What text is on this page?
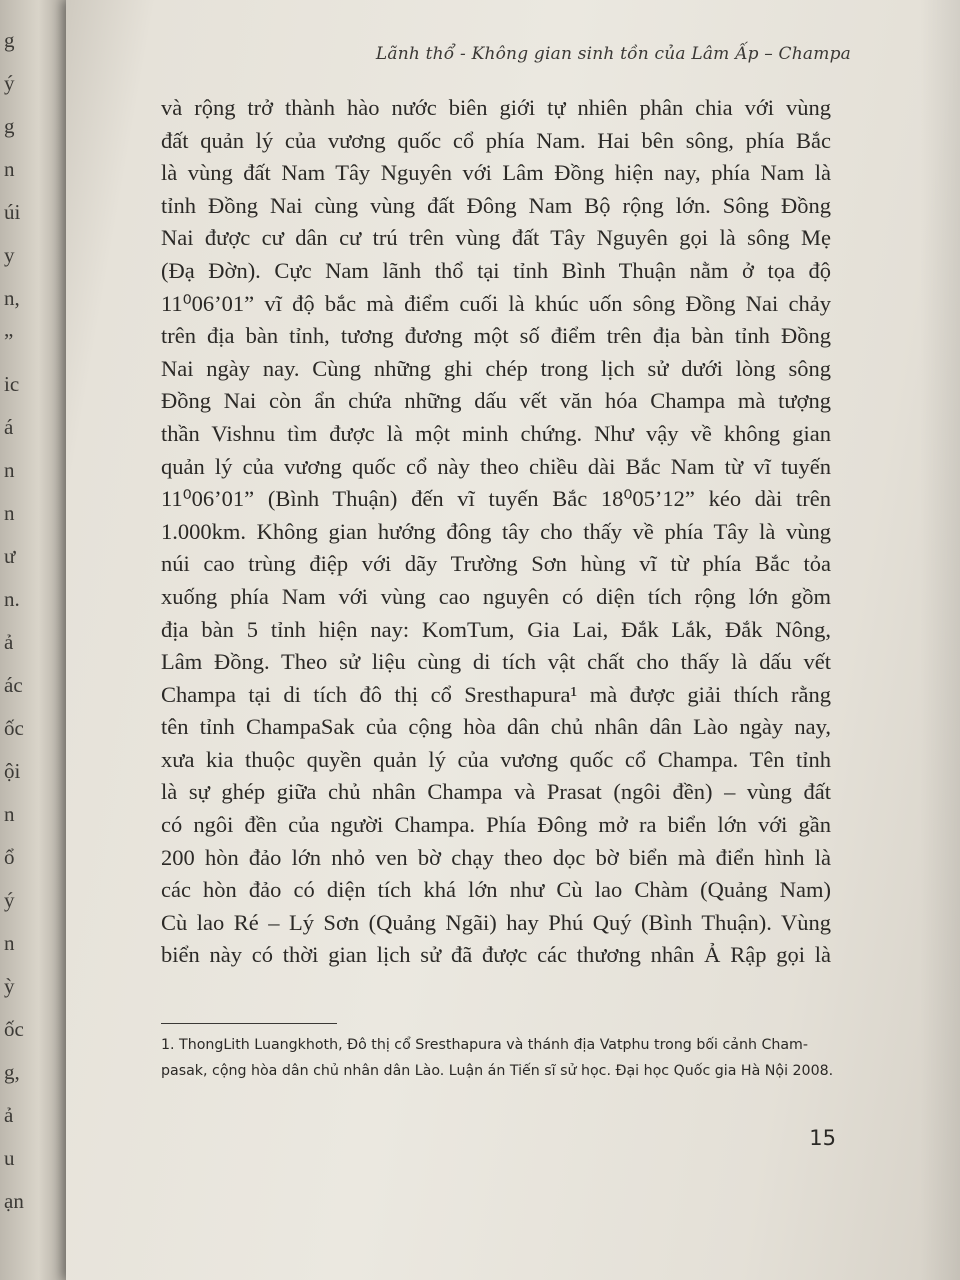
g
ý
g
n
úi
y
n,
”
ic
á
n
n
ư
n.
ả
ác
ốc
ội
n
ổ
ý
n
ỳ
ốc
g,
ả
u
ạn
Lãnh thổ - Không gian sinh tồn của Lâm Ấp – Champa
và rộng trở thành hào nước biên giới tự nhiên phân chia với vùng
đất quản lý của vương quốc cổ phía Nam. Hai bên sông, phía Bắc
là vùng đất Nam Tây Nguyên với Lâm Đồng hiện nay, phía Nam là
tỉnh Đồng Nai cùng vùng đất Đông Nam Bộ rộng lớn. Sông Đồng
Nai được cư dân cư trú trên vùng đất Tây Nguyên gọi là sông Mẹ
(Đạ Đờn). Cực Nam lãnh thổ tại tỉnh Bình Thuận nằm ở tọa độ
11⁰06’01” vĩ độ bắc mà điểm cuối là khúc uốn sông Đồng Nai chảy
trên địa bàn tỉnh, tương đương một số điểm trên địa bàn tỉnh Đồng
Nai ngày nay. Cùng những ghi chép trong lịch sử dưới lòng sông
Đồng Nai còn ẩn chứa những dấu vết văn hóa Champa mà tượng
thần Vishnu tìm được là một minh chứng. Như vậy về không gian
quản lý của vương quốc cổ này theo chiều dài Bắc Nam từ vĩ tuyến
11⁰06’01” (Bình Thuận) đến vĩ tuyến Bắc 18⁰05’12” kéo dài trên
1.000km. Không gian hướng đông tây cho thấy về phía Tây là vùng
núi cao trùng điệp với dãy Trường Sơn hùng vĩ từ phía Bắc tỏa
xuống phía Nam với vùng cao nguyên có diện tích rộng lớn gồm
địa bàn 5 tỉnh hiện nay: KomTum, Gia Lai, Đắk Lắk, Đắk Nông,
Lâm Đồng. Theo sử liệu cùng di tích vật chất cho thấy là dấu vết
Champa tại di tích đô thị cổ Sresthapura¹ mà được giải thích rằng
tên tỉnh ChampaSak của cộng hòa dân chủ nhân dân Lào ngày nay,
xưa kia thuộc quyền quản lý của vương quốc cổ Champa. Tên tỉnh
là sự ghép giữa chủ nhân Champa và Prasat (ngôi đền) – vùng đất
có ngôi đền của người Champa. Phía Đông mở ra biển lớn với gần
200 hòn đảo lớn nhỏ ven bờ chạy theo dọc bờ biển mà điển hình là
các hòn đảo có diện tích khá lớn như Cù lao Chàm (Quảng Nam)
Cù lao Ré – Lý Sơn (Quảng Ngãi) hay Phú Quý (Bình Thuận). Vùng
biển này có thời gian lịch sử đã được các thương nhân Ả Rập gọi là
1. ThongLith Luangkhoth, Đô thị cổ Sresthapura và thánh địa Vatphu trong bối cảnh Cham-
pasak, cộng hòa dân chủ nhân dân Lào. Luận án Tiến sĩ sử học. Đại học Quốc gia Hà Nội 2008.
15
